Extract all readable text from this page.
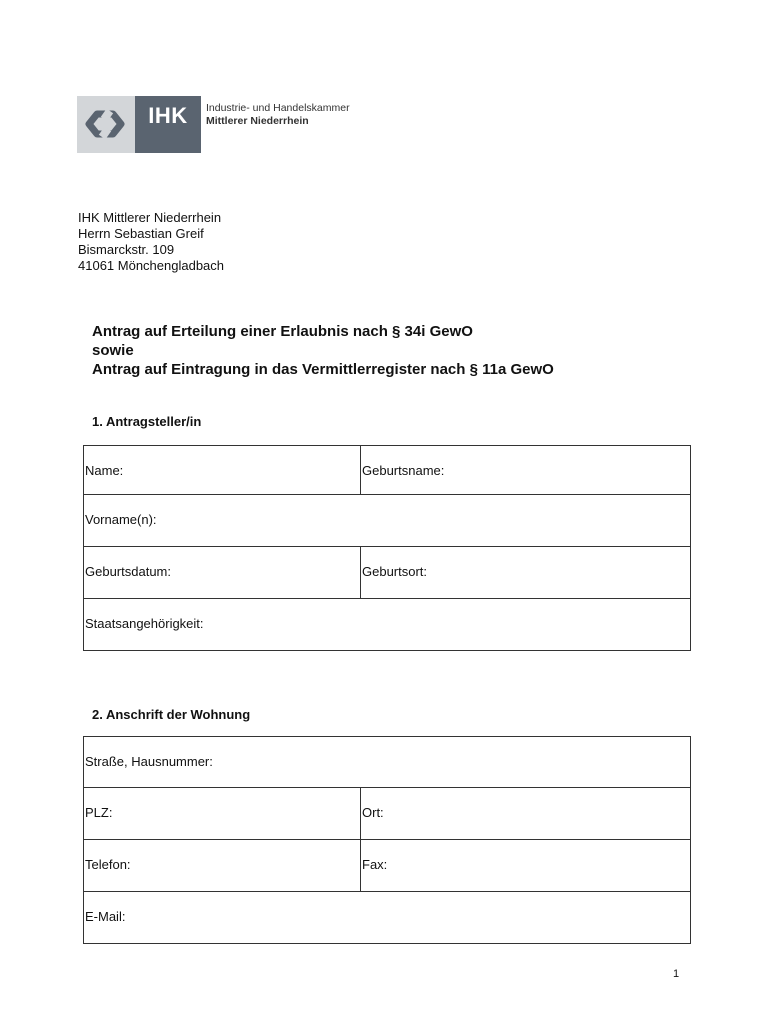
IHK	Industrie- und Handelskammer
Mittlerer Niederrhein
IHK Mittlerer Niederrhein
Herrn Sebastian Greif
Bismarckstr. 109
41061 Mönchengladbach
Antrag auf Erteilung einer Erlaubnis nach § 34i GewO
sowie
Antrag auf Eintragung in das Vermittlerregister nach § 11a GewO
1. Antragsteller/in
Name:	Geburtsname:
Vorname(n):	
Geburtsdatum:	Geburtsort:
Staatsangehörigkeit:	
2. Anschrift der Wohnung
Straße, Hausnummer:	
PLZ:	Ort:
Telefon:	Fax:
E-Mail:	
1
